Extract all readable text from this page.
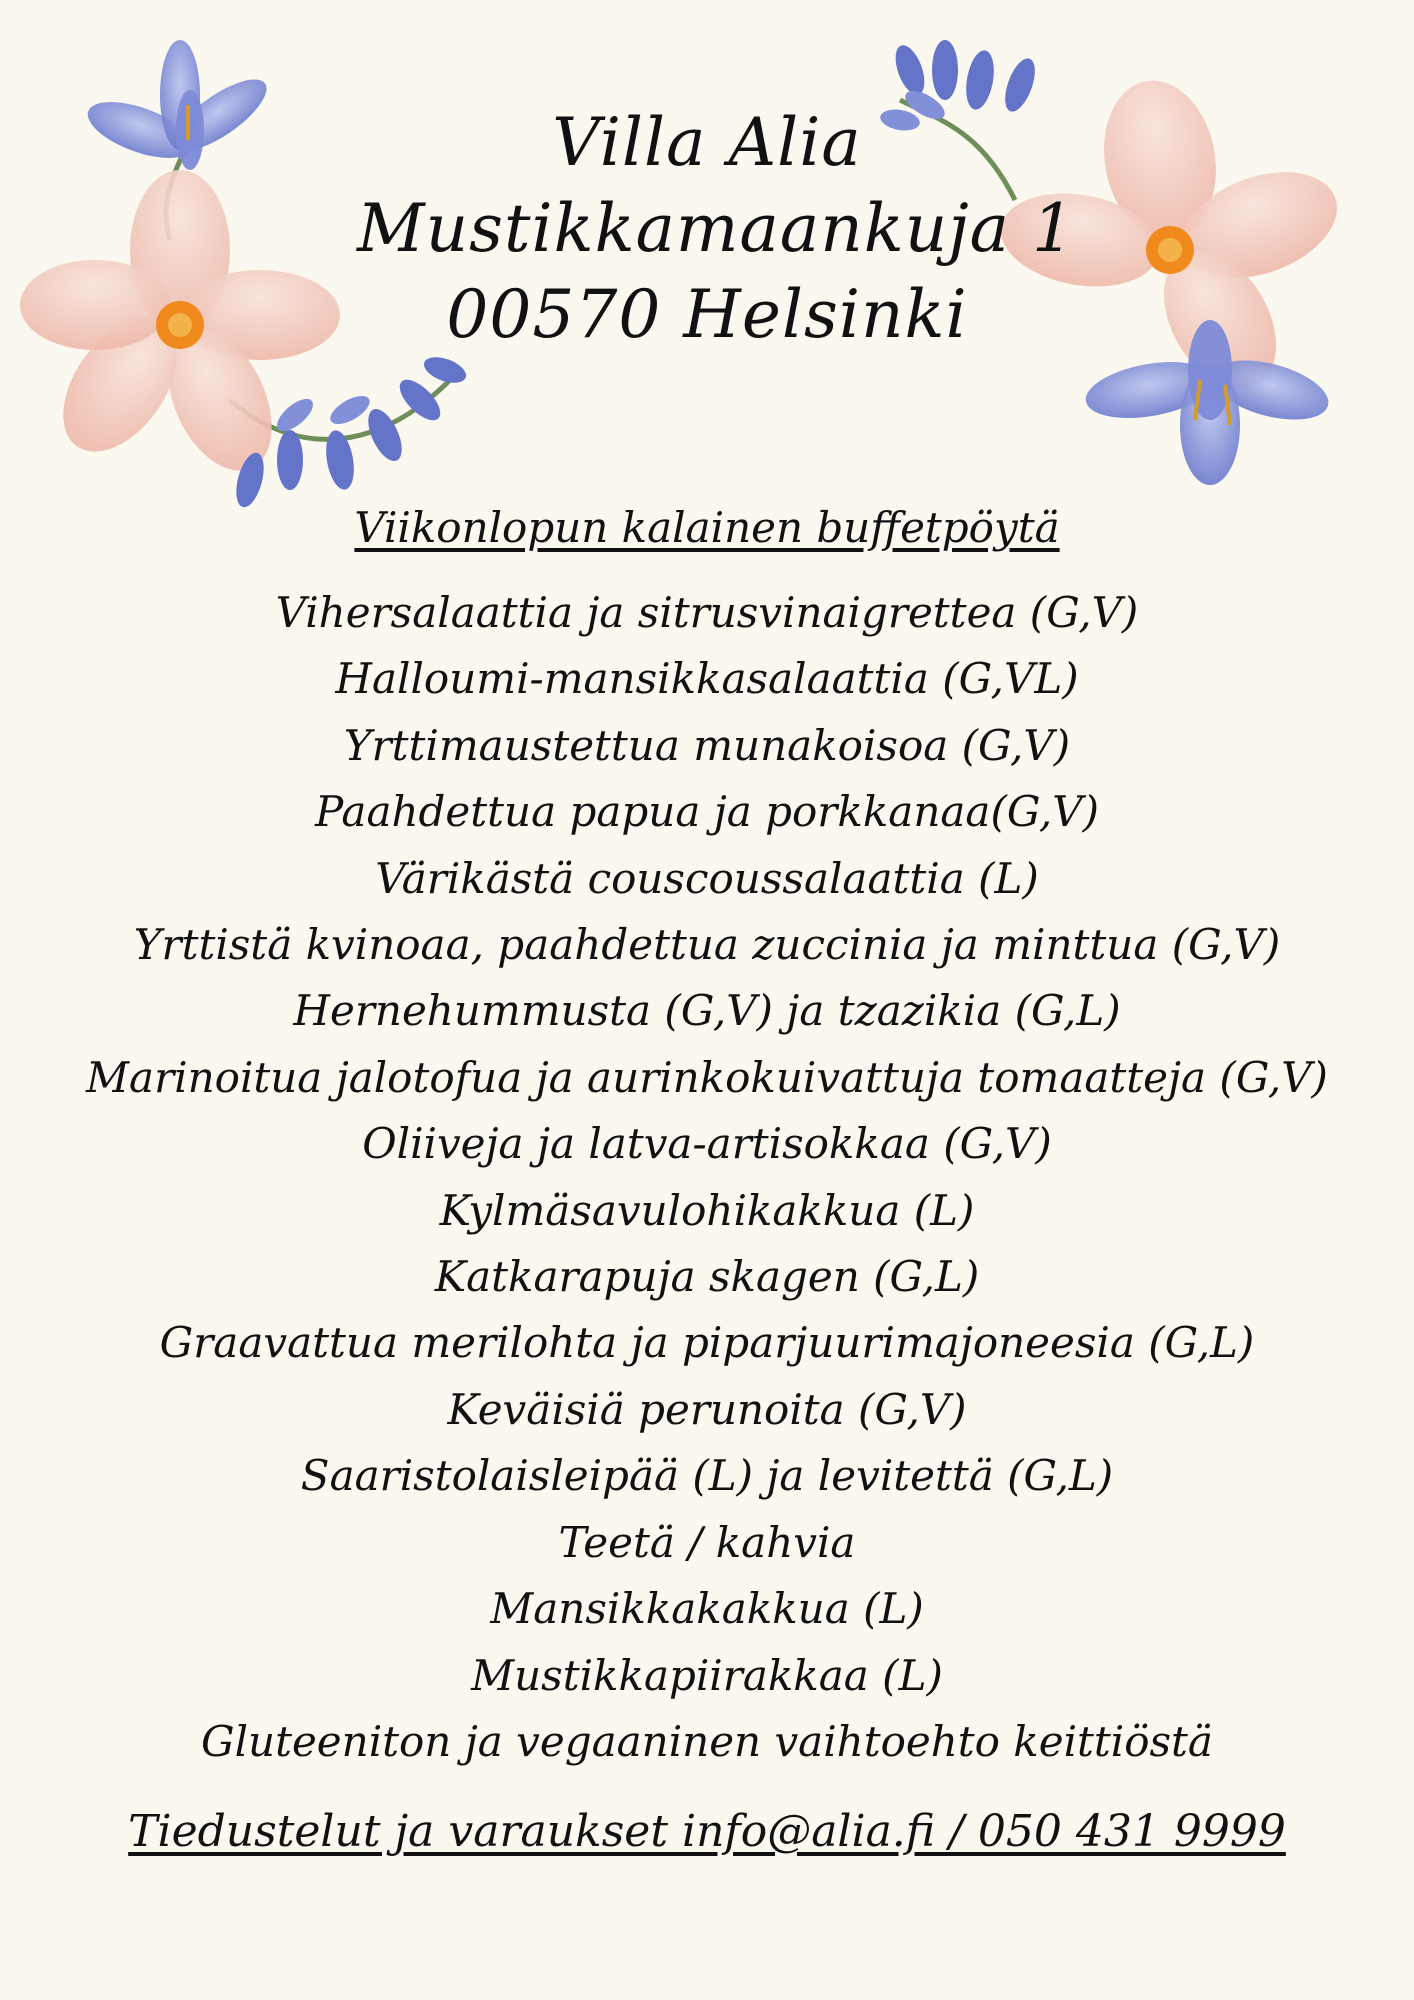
Villa Alia
Mustikkamaankuja 1
00570 Helsinki
Viikonlopun kalainen buffetpöytä
Vihersalaattia ja sitrusvinaigrettea (G,V)
Halloumi-mansikkasalaattia (G,VL)
Yrttimaustettua munakoisoa (G,V)
Paahdettua papua ja porkkanaa(G,V)
Värikästä couscoussalaattia (L)
Yrttistä kvinoaa, paahdettua zuccinia ja minttua (G,V)
Hernehummusta (G,V) ja tzazikia (G,L)
Marinoitua jalotofua ja aurinkokuivattuja tomaatteja (G,V)
Oliiveja ja latva-artisokkaa (G,V)
Kylmäsavulohikakkua (L)
Katkarapuja skagen (G,L)
Graavattua merilohta ja piparjuurimajoneesia (G,L)
Keväisiä perunoita (G,V)
Saaristolaisleipää (L) ja levitettä (G,L)
Teetä / kahvia
Mansikkakakkua (L)
Mustikkapiirakkaa (L)
Gluteeniton ja vegaaninen vaihtoehto keittiöstä
Tiedustelut ja varaukset info@alia.fi / 050 431 9999
